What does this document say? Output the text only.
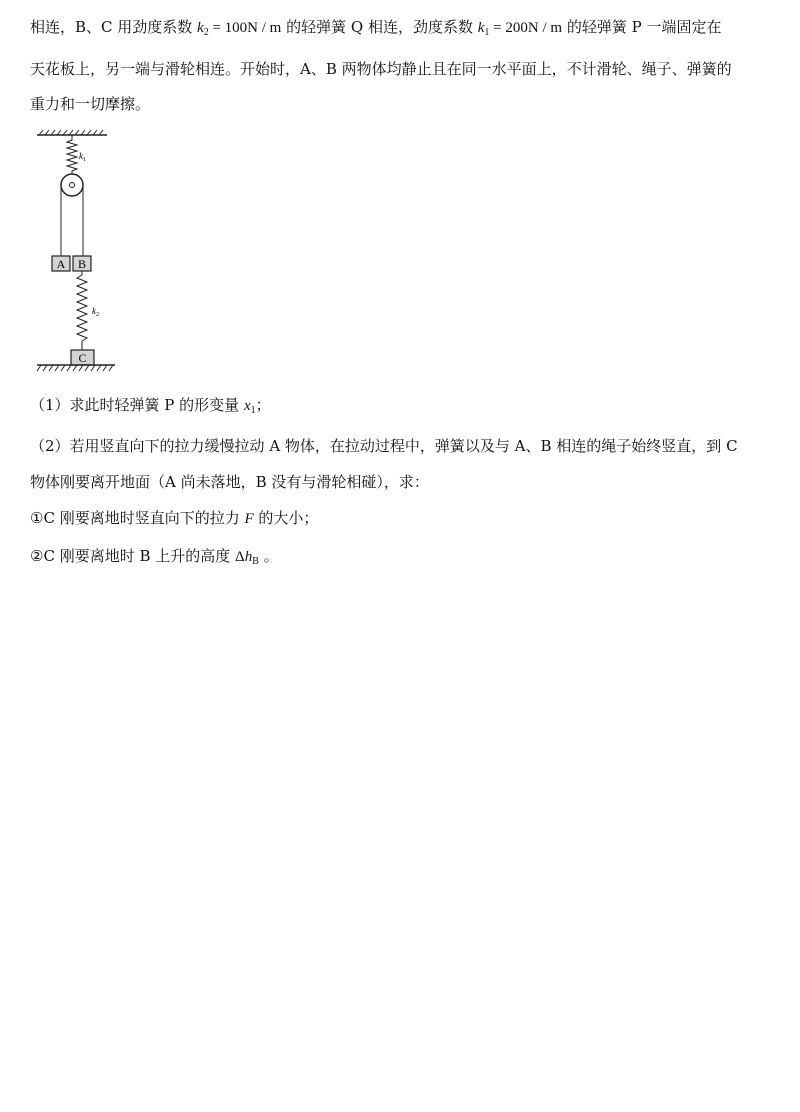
相连，B、C 用劲度系数 $k_2 = 100N / m$ 的轻弹簧 Q 相连，劲度系数 $k_1 = 200N / m$ 的轻弹簧 P 一端固定在
天花板上，另一端与滑轮相连。开始时，A、B 两物体均静止且在同一水平面上，不计滑轮、绳子、弹簧的
重力和一切摩擦。
$k_1$
A B
$k_2$
C
（1）求此时轻弹簧 P 的形变量 $x_1$；
（2）若用竖直向下的拉力缓慢拉动 A 物体，在拉动过程中，弹簧以及与 A、B 相连的绳子始终竖直，到 C
物体刚要离开地面（A 尚未落地，B 没有与滑轮相碰），求：
①C 刚要离地时竖直向下的拉力 F 的大小；
②C 刚要离地时 B 上升的高度 $\Delta h_B$ 。
